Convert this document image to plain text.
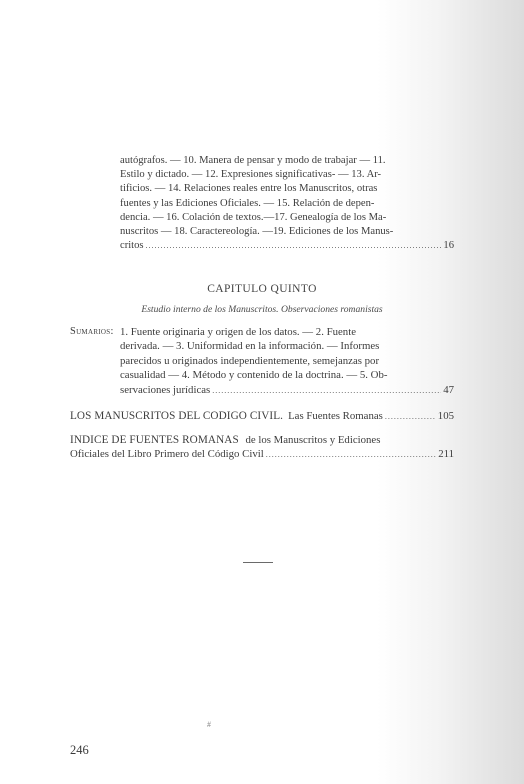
autógrafos. — 10. Manera de pensar y modo de trabajar — 11.

Estilo y dictado. — 12. Expresiones significativas- — 13. Ar-

tificios. — 14. Relaciones reales entre los Manuscritos, otras

fuentes y las Ediciones Oficiales. — 15. Relación de depen-

dencia. — 16. Colación de textos.—17. Genealogía de los Ma-

nuscritos — 18. Caractereología. —19. Ediciones de los Manus-

critos .....	16
CAPITULO QUINTO
Estudio interno de los Manuscritos. Observaciones romanistas
Sumarios: 1. Fuente originaria y origen de los datos. — 2. Fuente

derivada. — 3. Uniformidad en la información. — Informes

parecidos u originados independientemente, semejanzas por

casualidad — 4. Método y contenido de la doctrina. — 5. Ob-

servaciones jurídicas .....	47
LOS MANUSCRITOS DEL CODIGO CIVIL. Las Fuentes Romanas .....	105
INDICE DE FUENTES ROMANAS de los Manuscritos y Ediciones
Oficiales del Libro Primero del Código Civil .....	211
#
246
